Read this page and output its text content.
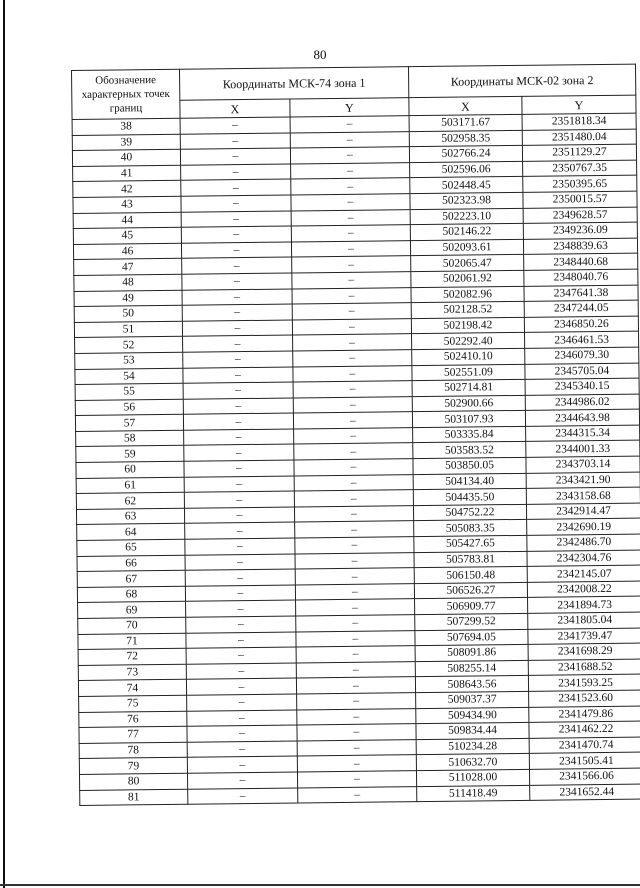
80
Обозначение характерных точек границ	Координаты МСК-74 зона 1		Координаты МСК-02 зона 2	
	X	Y	X	Y
38	–	–	503171.67	2351818.34
39	–	–	502958.35	2351480.04
40	–	–	502766.24	2351129.27
41	–	–	502596.06	2350767.35
42	–	–	502448.45	2350395.65
43	–	–	502323.98	2350015.57
44	–	–	502223.10	2349628.57
45	–	–	502146.22	2349236.09
46	–	–	502093.61	2348839.63
47	–	–	502065.47	2348440.68
48	–	–	502061.92	2348040.76
49	–	–	502082.96	2347641.38
50	–	–	502128.52	2347244.05
51	–	–	502198.42	2346850.26
52	–	–	502292.40	2346461.53
53	–	–	502410.10	2346079.30
54	–	–	502551.09	2345705.04
55	–	–	502714.81	2345340.15
56	–	–	502900.66	2344986.02
57	–	–	503107.93	2344643.98
58	–	–	503335.84	2344315.34
59	–	–	503583.52	2344001.33
60	–	–	503850.05	2343703.14
61	–	–	504134.40	2343421.90
62	–	–	504435.50	2343158.68
63	–	–	504752.22	2342914.47
64	–	–	505083.35	2342690.19
65	–	–	505427.65	2342486.70
66	–	–	505783.81	2342304.76
67	–	–	506150.48	2342145.07
68	–	–	506526.27	2342008.22
69	–	–	506909.77	2341894.73
70	–	–	507299.52	2341805.04
71	–	–	507694.05	2341739.47
72	–	–	508091.86	2341698.29
73	–	–	508255.14	2341688.52
74	–	–	508643.56	2341593.25
75	–	–	509037.37	2341523.60
76	–	–	509434.90	2341479.86
77	–	–	509834.44	2341462.22
78	–	–	510234.28	2341470.74
79	–	–	510632.70	2341505.41
80	–	–	511028.00	2341566.06
81	–	–	511418.49	2341652.44
